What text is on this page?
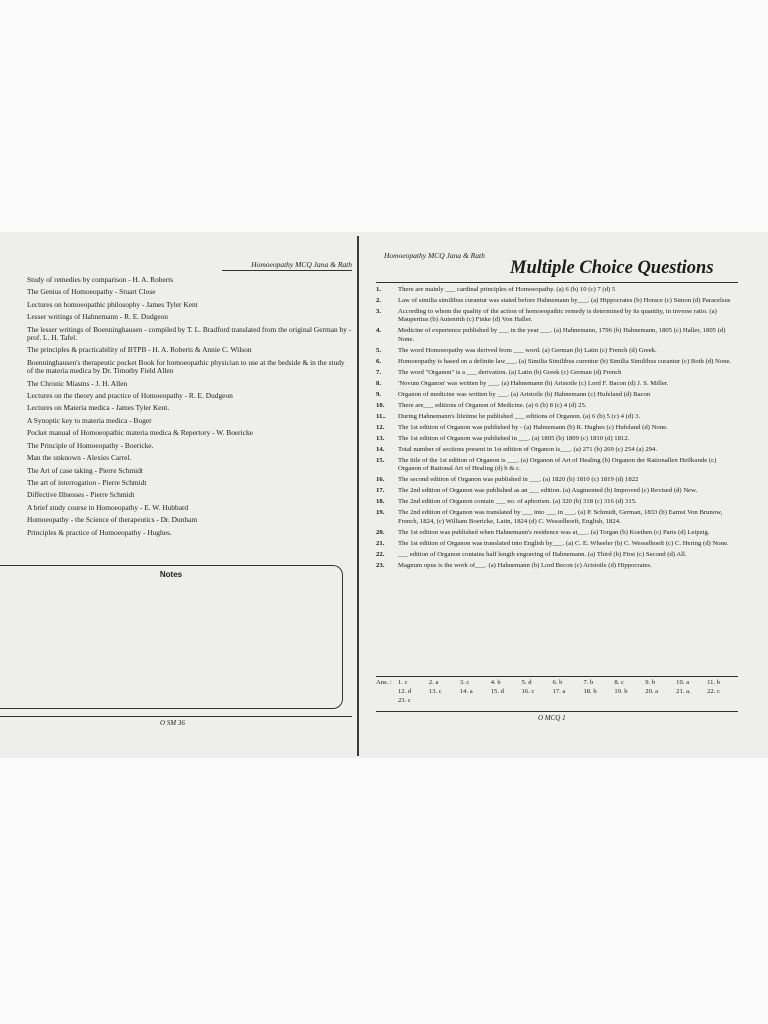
Homoeopathy MCQ Jana & Rath
Study of remedies by comparison - H. A. Roberts
The Genius of Homoeopathy - Stuart Close
Lectures on homoeopathic philosophy - James Tyler Kent
Lesser writings of Hahnemann - R. E. Dudgeon
The lesser writings of Boenninghausen - compiled by T. L. Bradford translated from the original German by - prof. L. H. Tafel.
The principles & practicability of BTPB - H. A. Roberts & Annie C. Wilson
Boenninghausen's therapeutic pocket Book for homoeopathic physician to use at the bedside & in the study of the materia medica by Dr. Timothy Field Allen
The Chronic Miasms - J. H. Allen
Lectures on the theory and practice of Homoeopathy - R. E. Dudgeon
Lectures on Materia medica - James Tyler Kent.
A Synoptic key to materia medica - Boger
Pocket manual of Homoeopathic materia medica & Repertory - W. Boericke
The Principle of Homoeopathy - Boericke.
Man the unknown - Alexies Carrel.
The Art of case taking - Pierre Schmidt
The art of interrogation - Pierre Schmidt
Diffective Illnesses - Pierre Schmidt
A brief study course in Homoeopathy - E. W. Hubbard
Homoeopathy - the Science of therapeutics - Dr. Dunham
Principles & practice of Homoeopathy - Hughes.
Notes
O SM 36
Homoeopathy MCQ Jana & Rath
Multiple Choice Questions
1.	There are mainly ___ cardinal principles of Homoeopathy. (a) 6 (b) 10 (c) 7 (d) 5
2.	Law of similia similibus curantur was stated before Hahnemann by___. (a) Hippocrates (b) Horace (c) Simon (d) Paracelsus
3.	According to whom the quality of the action of homoeopathic remedy is determined by its quantity, in inverse ratio. (a) Maupertius (b) Autenrith (c) Finke (d) Von Haller.
4.	Medicine of experience published by ___ in the year ___. (a) Hahnemann, 1796 (b) Hahnemann, 1805 (c) Haller, 1805 (d) None.
5.	The word Homoeopathy was derived from ___ word. (a) German (b) Latin (c) French (d) Greek.
6.	Homoeopathy is based on a definite law___. (a) Similia Similibus curentur (b) Similia Similibus curantur (c) Both (d) None.
7.	The word "Organon" is a ___ derivation. (a) Latin (b) Greek (c) German (d) French
8.	'Novum Organon' was written by ___. (a) Hahnemann (b) Aristotle (c) Lord F. Bacon (d) J. S. Miller.
9.	Organon of medicine was written by ___. (a) Aristotle (b) Hahnemann (c) Hufeland (d) Bacon
10.	There are___ editions of Organon of Medicine. (a) 6 (b) 8 (c) 4 (d) 25.
11..	During Hahnemann's lifetime he published ___ editions of Organon. (a) 6 (b) 5 (c) 4 (d) 3.
12.	The 1st edition of Organon was published by - (a) Hahnemann (b) R. Hughes (c) Hufeland (d) None.
13.	The 1st edition of Organon was published in ___. (a) 1805 (b) 1809 (c) 1810 (d) 1812.
14.	Total number of sections present in 1st edition of Organon is___. (a) 271 (b) 269 (c) 254 (a) 294.
15.	The title of the 1st edition of Organon is ___. (a) Organon of Art of Healing (b) Organon der Rationallen Heilkunde (c) Organon of Rational Art of Healing (d) b & c.
16.	The second edition of Organon was published in ___. (a) 1820 (b) 1810 (c) 1819 (d) 1822
17.	The 2nd edition of Organon was published as an ___ edition. (a) Augmented (b) Improved (c) Revised (d) New.
18.	The 2nd edition of Organon contain ___ no. of aphorism. (a) 320 (b) 318 (c) 316 (d) 315.
19.	The 2nd edition of Organon was translated by ___ into ___ in ___. (a) P. Schmidt, German, 1833 (b) Earnst Von Brunow, French, 1824, (c) William Boericke, Latin, 1824 (d) C. Wesselhoeft, English, 1824.
20.	The 1st edition was published when Hahnemann's residence was at___. (a) Torgan (b) Koethen (c) Paris (d) Leipzig.
21.	The 1st edition of Organon was translated into English by___. (a) C. E. Wheeler (b) C. Wesselhoeft (c) C. Hering (d) None.
22.	___ edition of Organon contains half length engraving of Hahnemann. (a) Third (b) First (c) Second (d) All.
23.	Magnum opus is the work of___. (a) Hahnemann (b) Lord Becon (c) Aristotle (d) Hippocrates.
Ans. : 1. c	2. a	3. c	4. b	5. d	6. b	7. b	8. c	9. b	10. a	11. b
12. d	13. c	14. a	15. d	16. c	17. a	18. b	19. b	20. a	21. a.	22. c
23. c
O MCQ 1
